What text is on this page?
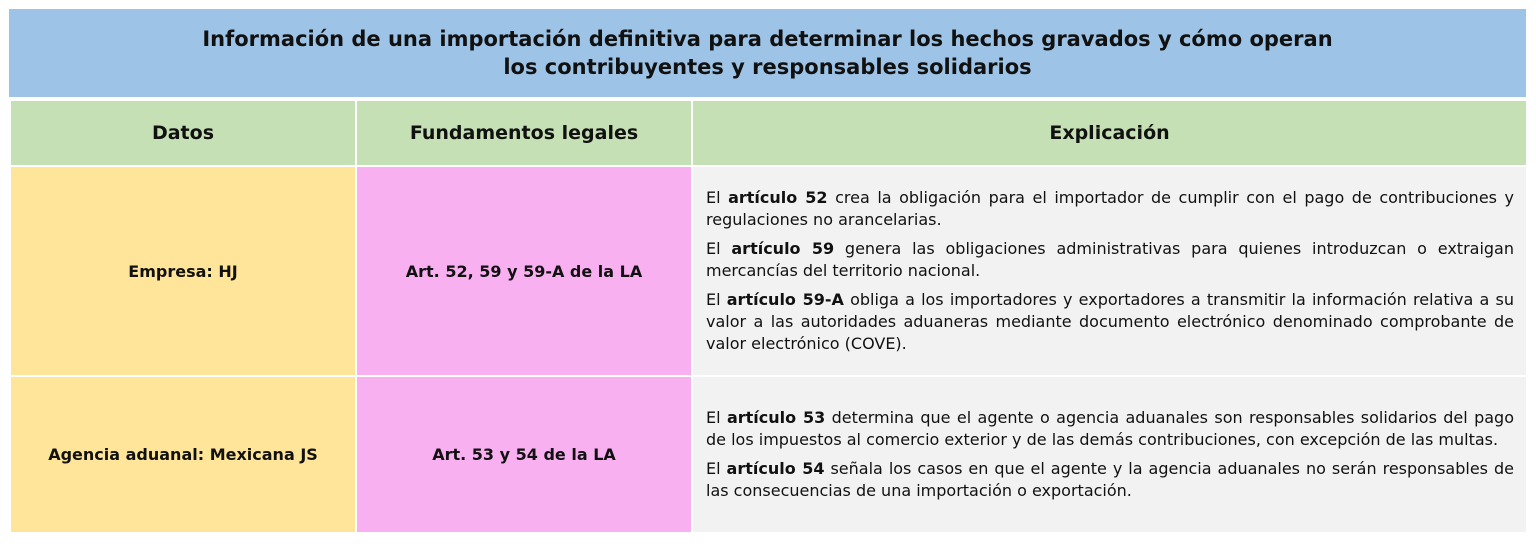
Información de una importación definitiva para determinar los hechos gravados y cómo operan
los contribuyentes y responsables solidarios
Datos	Fundamentos legales	Explicación
Empresa: HJ	Art. 52, 59 y 59-A de la LA	El artículo 52 crea la obligación para el importador de cumplir con el pago de contribuciones y regulaciones no arancelarias.

El artículo 59 genera las obligaciones administrativas para quienes introduzcan o extraigan mercancías del territorio nacional.

El artículo 59-A obliga a los importadores y exportadores a transmitir la información relativa a su valor a las autoridades aduaneras mediante documento electrónico denominado comprobante de valor electrónico (COVE).

Agencia aduanal: Mexicana JS	Art. 53 y 54 de la LA	El artículo 53 determina que el agente o agencia aduanales son responsables solidarios del pago de los impuestos al comercio exterior y de las demás contribuciones, con excepción de las multas.

El artículo 54 señala los casos en que el agente y la agencia aduanales no serán responsables de las consecuencias de una importación o exportación.
